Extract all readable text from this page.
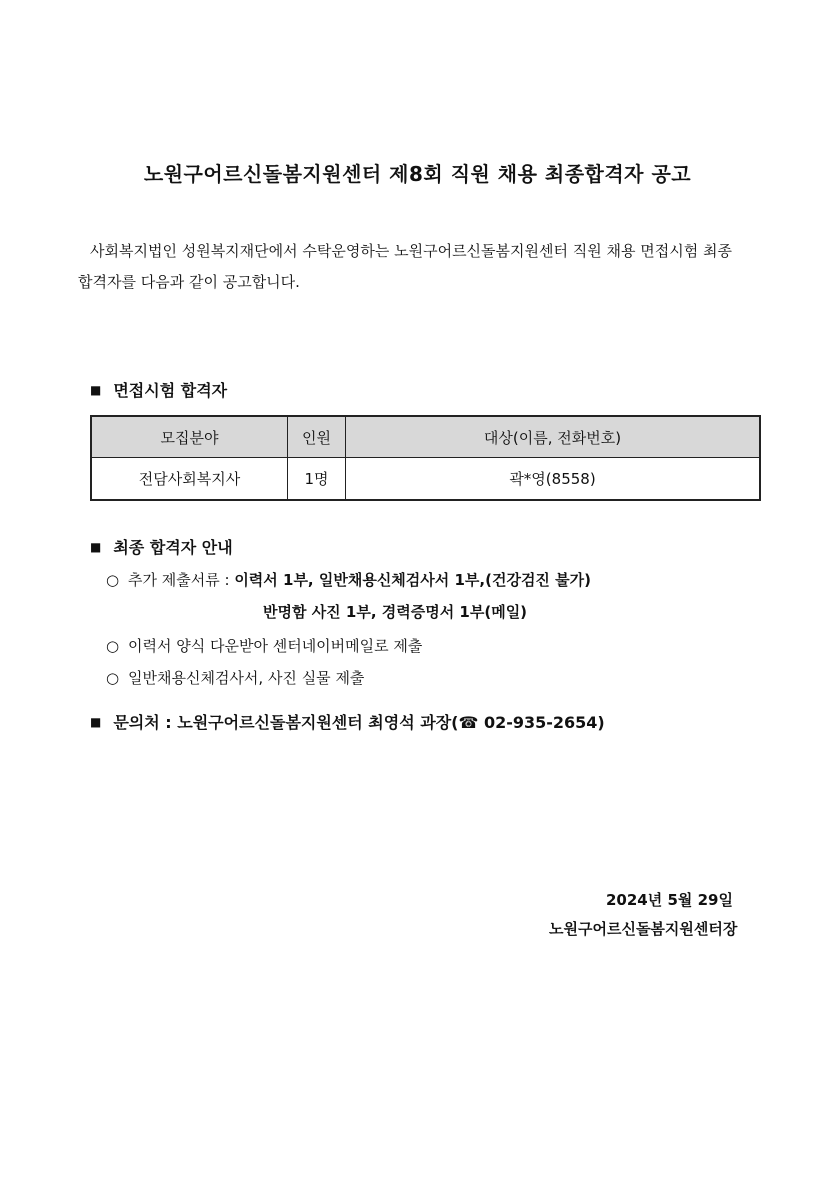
노원구어르신돌봄지원센터 제8회 직원 채용 최종합격자 공고

사회복지법인 성원복지재단에서 수탁운영하는 노원구어르신돌봄지원센터 직원 채용 면접시험 최종

합격자를 다음과 같이 공고합니다.

■ 면접시험 합격자
모집분야	인원	대상(이름, 전화번호)
전담사회복지사	1명	곽*영(8558)
■ 최종 합격자 안내
○ 추가 제출서류 : 이력서 1부, 일반채용신체검사서 1부,(건강검진 불가)
반명함 사진 1부, 경력증명서 1부(메일)
○ 이력서 양식 다운받아 센터네이버메일로 제출
○ 일반채용신체검사서, 사진 실물 제출
■ 문의처 : 노원구어르신돌봄지원센터 최영석 과장(☎ 02-935-2654)
2024년 5월 29일
노원구어르신돌봄지원센터장
